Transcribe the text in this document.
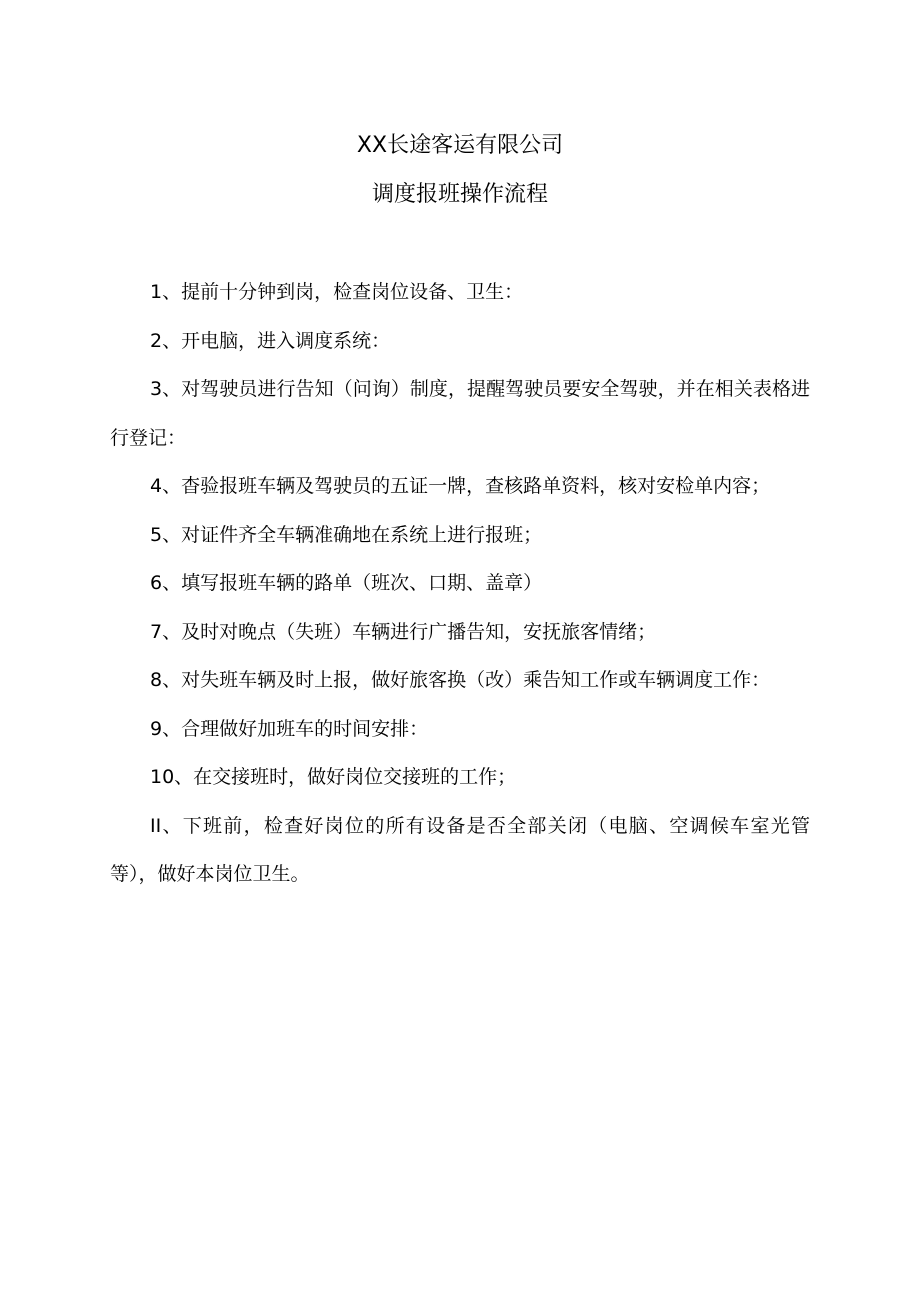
XX长途客运有限公司
调度报班操作流程

1、提前十分钟到岗，检查岗位设备、卫生：

2、开电脑，进入调度系统：

3、对驾驶员进行告知（问询）制度，提醒驾驶员要安全驾驶，并在相关表格进行登记：

4、杳验报班车辆及驾驶员的五证一牌，查核路单资料，核对安检单内容；

5、对证件齐全车辆准确地在系统上进行报班；

6、填写报班车辆的路单（班次、口期、盖章）

7、及时对晚点（失班）车辆进行广播告知，安抚旅客情绪；

8、对失班车辆及时上报，做好旅客换（改）乘告知工作或车辆调度工作：

9、合理做好加班车的时间安排：

10、在交接班时，做好岗位交接班的工作；

II、下班前，检查好岗位的所有设备是否全部关闭（电脑、空调候车室光管等），做好本岗位卫生。
